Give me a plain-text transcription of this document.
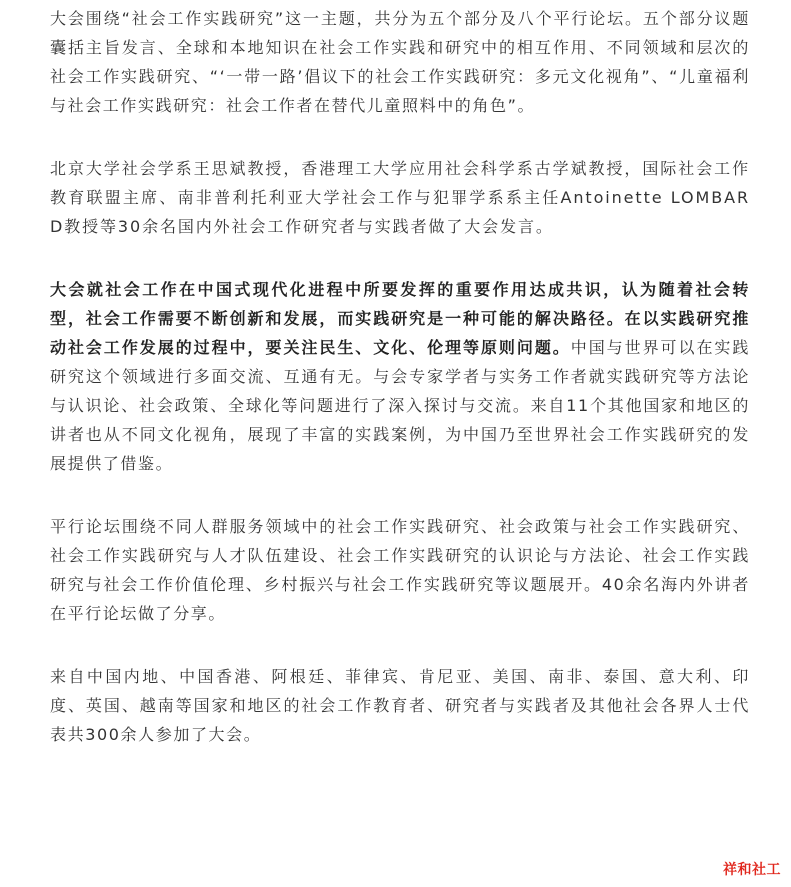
大会围绕“社会工作实践研究”这一主题，共分为五个部分及八个平行论坛。五个部分议题囊括主旨发言、全球和本地知识在社会工作实践和研究中的相互作用、不同领域和层次的社会工作实践研究、“‘一带一路’倡议下的社会工作实践研究：多元文化视角”、“儿童福利与社会工作实践研究：社会工作者在替代儿童照料中的角色”。

北京大学社会学系王思斌教授，香港理工大学应用社会科学系古学斌教授，国际社会工作教育联盟主席、南非普利托利亚大学社会工作与犯罪学系系主任Antoinette LOMBARD教授等30余名国内外社会工作研究者与实践者做了大会发言。

大会就社会工作在中国式现代化进程中所要发挥的重要作用达成共识，认为随着社会转型，社会工作需要不断创新和发展，而实践研究是一种可能的解决路径。在以实践研究推动社会工作发展的过程中，要关注民生、文化、伦理等原则问题。中国与世界可以在实践研究这个领域进行多面交流、互通有无。与会专家学者与实务工作者就实践研究等方法论与认识论、社会政策、全球化等问题进行了深入探讨与交流。来自11个其他国家和地区的讲者也从不同文化视角，展现了丰富的实践案例，为中国乃至世界社会工作实践研究的发展提供了借鉴。

平行论坛围绕不同人群服务领域中的社会工作实践研究、社会政策与社会工作实践研究、社会工作实践研究与人才队伍建设、社会工作实践研究的认识论与方法论、社会工作实践研究与社会工作价值伦理、乡村振兴与社会工作实践研究等议题展开。40余名海内外讲者在平行论坛做了分享。

来自中国内地、中国香港、阿根廷、菲律宾、肯尼亚、美国、南非、泰国、意大利、印度、英国、越南等国家和地区的社会工作教育者、研究者与实践者及其他社会各界人士代表共300余人参加了大会。

祥和社工
